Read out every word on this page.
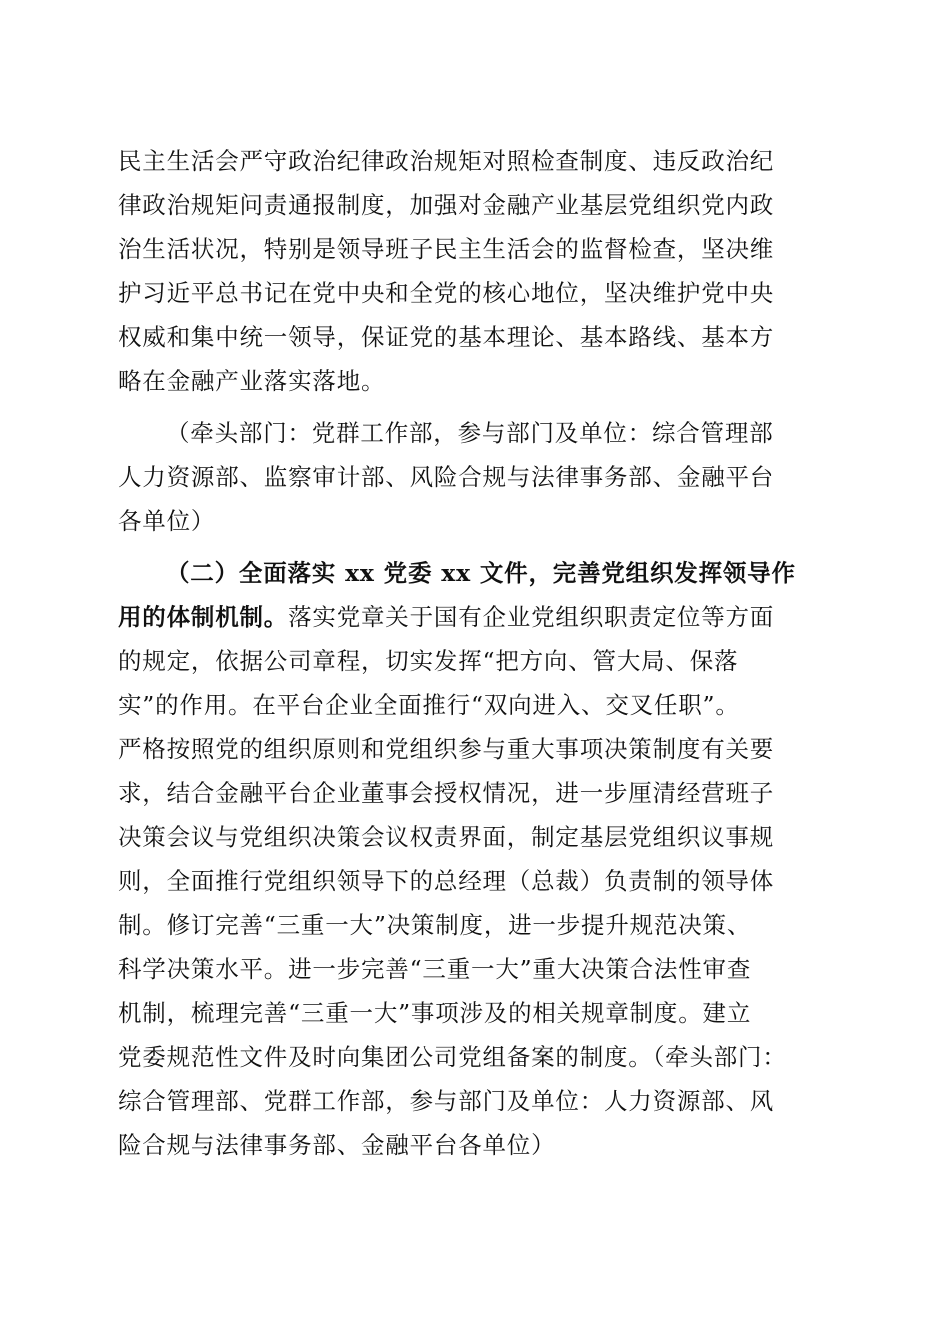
民主生活会严守政治纪律政治规矩对照检查制度、违反政治纪
律政治规矩问责通报制度，加强对金融产业基层党组织党内政
治生活状况，特别是领导班子民主生活会的监督检查，坚决维
护习近平总书记在党中央和全党的核心地位，坚决维护党中央
权威和集中统一领导，保证党的基本理论、基本路线、基本方
略在金融产业落实落地。
（牵头部门：党群工作部，参与部门及单位：综合管理部
人力资源部、监察审计部、风险合规与法律事务部、金融平台
各单位）
（二）全面落实 xx 党委 xx 文件，完善党组织发挥领导作
用的体制机制。落实党章关于国有企业党组织职责定位等方面
的规定，依据公司章程，切实发挥“把方向、管大局、保落
实”的作用。在平台企业全面推行“双向进入、交叉任职”。
严格按照党的组织原则和党组织参与重大事项决策制度有关要
求，结合金融平台企业董事会授权情况，进一步厘清经营班子
决策会议与党组织决策会议权责界面，制定基层党组织议事规
则，全面推行党组织领导下的总经理（总裁）负责制的领导体
制。修订完善“三重一大”决策制度，进一步提升规范决策、
科学决策水平。进一步完善“三重一大”重大决策合法性审查
机制，梳理完善“三重一大”事项涉及的相关规章制度。建立
党委规范性文件及时向集团公司党组备案的制度。（牵头部门：
综合管理部、党群工作部，参与部门及单位：人力资源部、风
险合规与法律事务部、金融平台各单位）
